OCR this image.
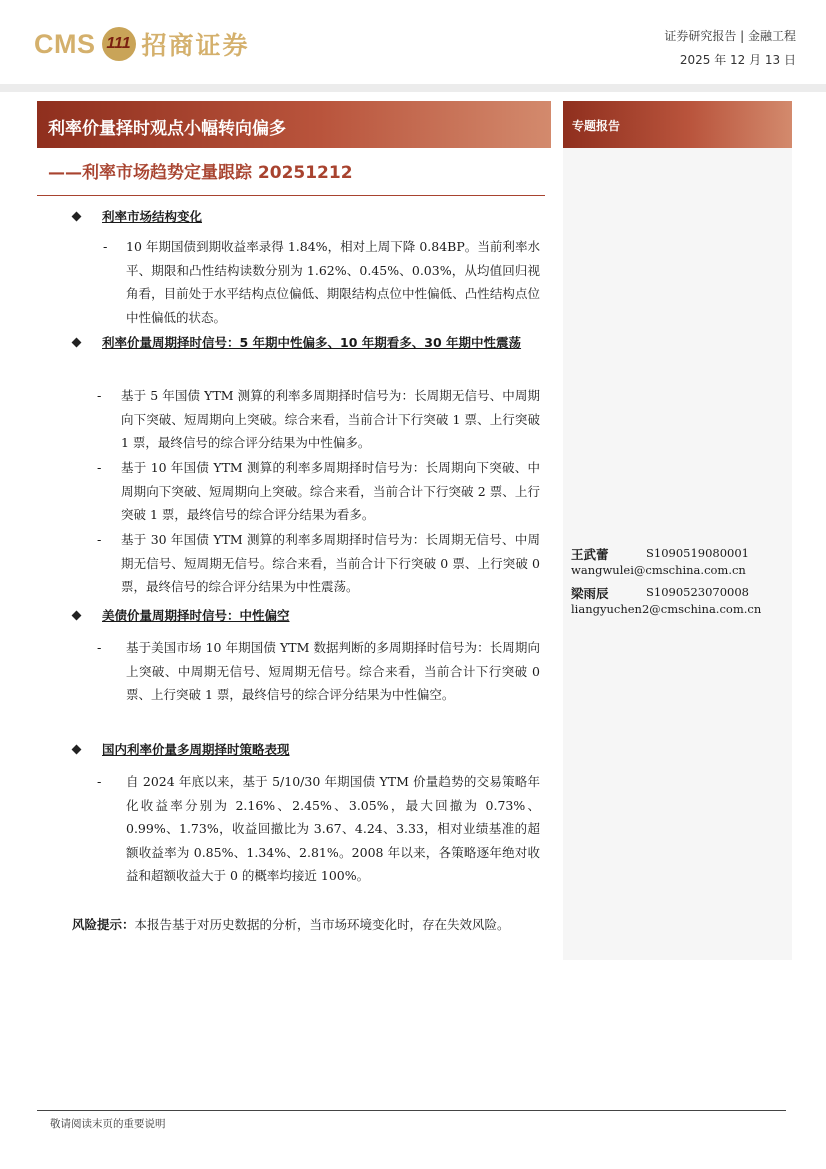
CMS 111 招商证券	证券研究报告 | 金融工程
2025 年 12 月 13 日
利率价量择时观点小幅转向偏多
——利率市场趋势定量跟踪 20251212
专题报告
利率市场结构变化
- 10 年期国债到期收益率录得 1.84%，相对上周下降 0.84BP。当前利率水平、期限和凸性结构读数分别为 1.62%、0.45%、0.03%，从均值回归视角看，目前处于水平结构点位偏低、期限结构点位中性偏低、凸性结构点位中性偏低的状态。
利率价量周期择时信号：5 年期中性偏多、10 年期看多、30 年期中性震荡
- 基于 5 年国债 YTM 测算的利率多周期择时信号为：长周期无信号、中周期向下突破、短周期向上突破。综合来看，当前合计下行突破 1 票、上行突破 1 票，最终信号的综合评分结果为中性偏多。
- 基于 10 年国债 YTM 测算的利率多周期择时信号为：长周期向下突破、中周期向下突破、短周期向上突破。综合来看，当前合计下行突破 2 票、上行突破 1 票，最终信号的综合评分结果为看多。
- 基于 30 年国债 YTM 测算的利率多周期择时信号为：长周期无信号、中周期无信号、短周期无信号。综合来看，当前合计下行突破 0 票、上行突破 0 票，最终信号的综合评分结果为中性震荡。
美债价量周期择时信号：中性偏空
- 基于美国市场 10 年期国债 YTM 数据判断的多周期择时信号为：长周期向上突破、中周期无信号、短周期无信号。综合来看，当前合计下行突破 0 票、上行突破 1 票，最终信号的综合评分结果为中性偏空。
国内利率价量多周期择时策略表现
- 自 2024 年底以来，基于 5/10/30 年期国债 YTM 价量趋势的交易策略年化收益率分别为 2.16%、2.45%、3.05%，最大回撤为 0.73%、0.99%、1.73%，收益回撤比为 3.67、4.24、3.33，相对业绩基准的超额收益率为 0.85%、1.34%、2.81%。2008 年以来，各策略逐年绝对收益和超额收益大于 0 的概率均接近 100%。
风险提示：本报告基于对历史数据的分析，当市场环境变化时，存在失效风险。
王武蕾	S1090519080001
wangwulei@cmschina.com.cn
梁雨辰	S1090523070008
liangyuchen2@cmschina.com.cn
敬请阅读末页的重要说明
